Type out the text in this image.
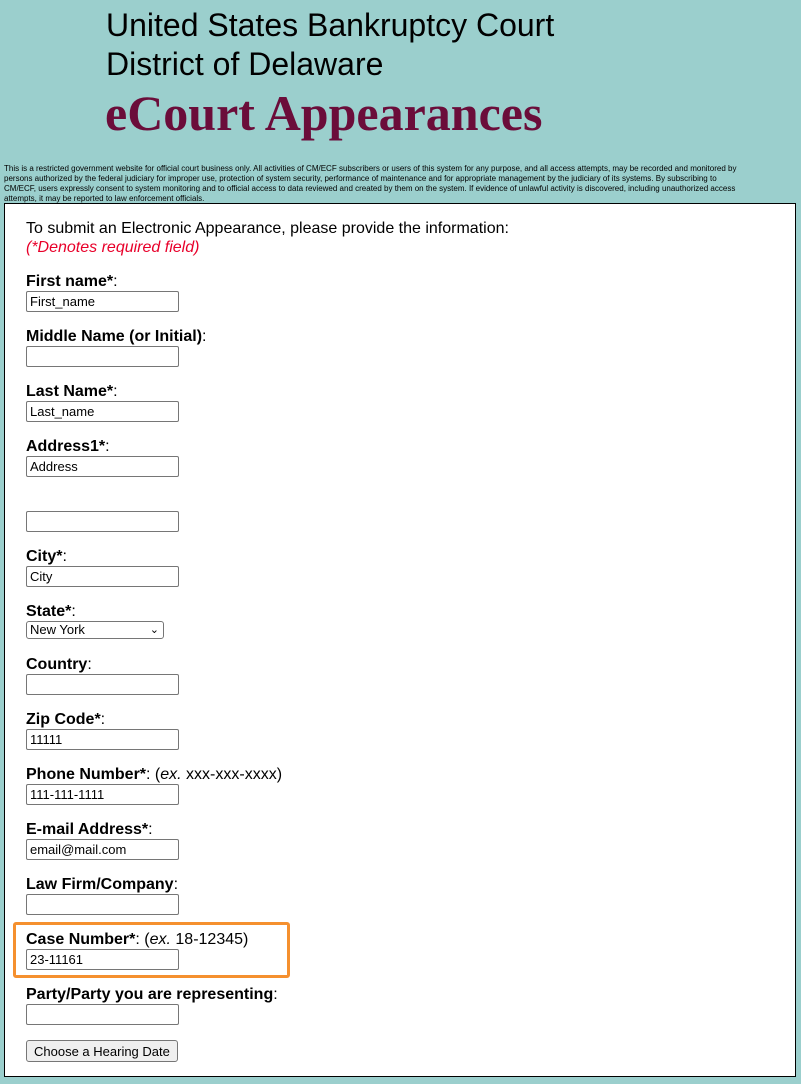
United States Bankruptcy Court
District of Delaware
eCourt Appearances
This is a restricted government website for official court business only. All activities of CM/ECF subscribers or users of this system for any purpose, and all access attempts, may be recorded and monitored by persons authorized by the federal judiciary for improper use, protection of system security, performance of maintenance and for appropriate management by the judiciary of its systems. By subscribing to CM/ECF, users expressly consent to system monitoring and to official access to data reviewed and created by them on the system. If evidence of unlawful activity is discovered, including unauthorized access attempts, it may be reported to law enforcement officials.
To submit an Electronic Appearance, please provide the information:
(*Denotes required field)
First name*:
First_name
Middle Name (or Initial):
Last Name*:
Last_name
Address1*:
Address
City*:
City
State*:
New York	⌄
Country:
Zip Code*:
11111
Phone Number*: (ex. xxx-xxx-xxxx)
111-111-1111
E-mail Address*:
email@mail.com
Law Firm/Company:
Case Number*: (ex. 18-12345)
23-11161
Party/Party you are representing:
Choose a Hearing Date
